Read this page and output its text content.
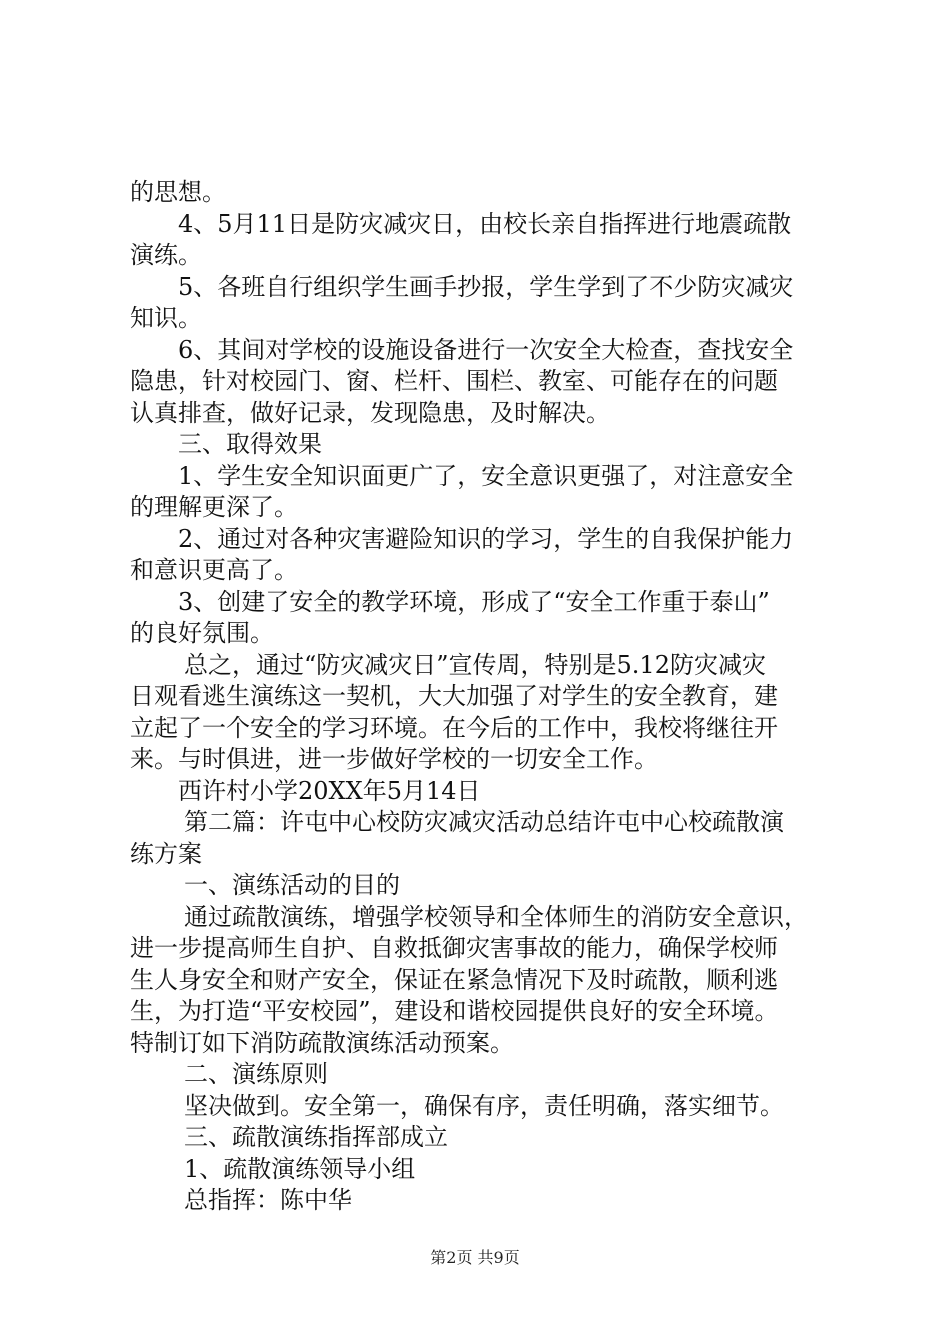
的思想。
4、5月11日是防灾减灾日，由校长亲自指挥进行地震疏散
演练。
5、各班自行组织学生画手抄报，学生学到了不少防灾减灾
知识。
6、其间对学校的设施设备进行一次安全大检查，查找安全
隐患，针对校园门、窗、栏杆、围栏、教室、可能存在的问题
认真排查，做好记录，发现隐患，及时解决。
三、取得效果
1、学生安全知识面更广了，安全意识更强了，对注意安全
的理解更深了。
2、通过对各种灾害避险知识的学习，学生的自我保护能力
和意识更高了。
3、创建了安全的教学环境，形成了“安全工作重于泰山”
的良好氛围。
总之，通过“防灾减灾日”宣传周，特别是5.12防灾减灾
日观看逃生演练这一契机，大大加强了对学生的安全教育，建
立起了一个安全的学习环境。在今后的工作中，我校将继往开
来。与时俱进，进一步做好学校的一切安全工作。
西许村小学20XX年5月14日
第二篇：许屯中心校防灾减灾活动总结许屯中心校疏散演
练方案
一、演练活动的目的
通过疏散演练，增强学校领导和全体师生的消防安全意识，
进一步提高师生自护、自救抵御灾害事故的能力，确保学校师
生人身安全和财产安全，保证在紧急情况下及时疏散，顺利逃
生，为打造“平安校园”，建设和谐校园提供良好的安全环境。
特制订如下消防疏散演练活动预案。
二、演练原则
坚决做到。安全第一，确保有序，责任明确，落实细节。
三、疏散演练指挥部成立
1、疏散演练领导小组
总指挥：陈中华
第2页 共9页
